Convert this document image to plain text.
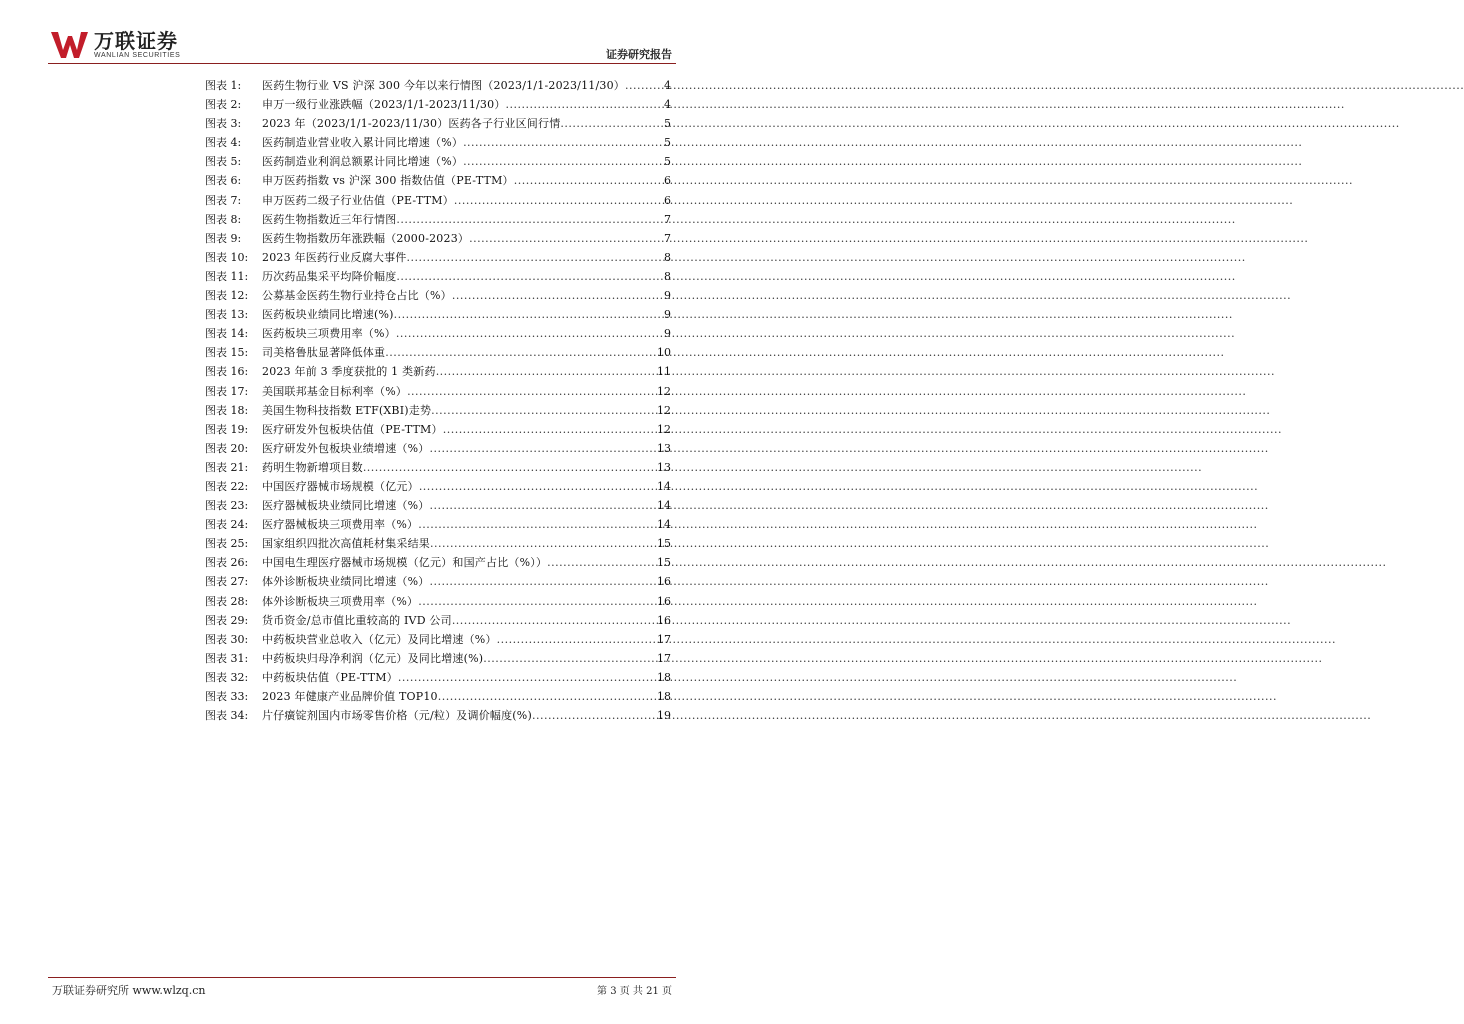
万联证券
WANLIAN SECURITIES	证券研究报告
图表 1:	医药生物行业 VS 沪深 300 今年以来行情图（2023/1/1-2023/11/30） .....	4
图表 2:	申万一级行业涨跌幅（2023/1/1-2023/11/30） .....	4
图表 3:	2023 年（2023/1/1-2023/11/30）医药各子行业区间行情 .....	5
图表 4:	医药制造业营业收入累计同比增速（%） .....	5
图表 5:	医药制造业利润总额累计同比增速（%） .....	5
图表 6:	申万医药指数 vs 沪深 300 指数估值（PE-TTM） .....	6
图表 7:	申万医药二级子行业估值（PE-TTM） .....	6
图表 8:	医药生物指数近三年行情图 .....	7
图表 9:	医药生物指数历年涨跌幅（2000-2023） .....	7
图表 10:	2023 年医药行业反腐大事件 .....	8
图表 11:	历次药品集采平均降价幅度 .....	8
图表 12:	公募基金医药生物行业持仓占比（%） .....	9
图表 13:	医药板块业绩同比增速(%) .....	9
图表 14:	医药板块三项费用率（%） .....	9
图表 15:	司美格鲁肽显著降低体重 .....	10
图表 16:	2023 年前 3 季度获批的 1 类新药 .....	11
图表 17:	美国联邦基金目标利率（%） .....	12
图表 18:	美国生物科技指数 ETF(XBI)走势 .....	12
图表 19:	医疗研发外包板块估值（PE-TTM） .....	12
图表 20:	医疗研发外包板块业绩增速（%） .....	13
图表 21:	药明生物新增项目数 .....	13
图表 22:	中国医疗器械市场规模（亿元） .....	14
图表 23:	医疗器械板块业绩同比增速（%） .....	14
图表 24:	医疗器械板块三项费用率（%） .....	14
图表 25:	国家组织四批次高值耗材集采结果 .....	15
图表 26:	中国电生理医疗器械市场规模（亿元）和国产占比（%）） .....	15
图表 27:	体外诊断板块业绩同比增速（%） .....	16
图表 28:	体外诊断板块三项费用率（%） .....	16
图表 29:	货币资金/总市值比重较高的 IVD 公司 .....	16
图表 30:	中药板块营业总收入（亿元）及同比增速（%） .....	17
图表 31:	中药板块归母净利润（亿元）及同比增速(%) .....	17
图表 32:	中药板块估值（PE-TTM） .....	18
图表 33:	2023 年健康产业品牌价值 TOP10 .....	18
图表 34:	片仔癀锭剂国内市场零售价格（元/粒）及调价幅度(%) .....	19
万联证券研究所 www.wlzq.cn	第 3 页 共 21 页
